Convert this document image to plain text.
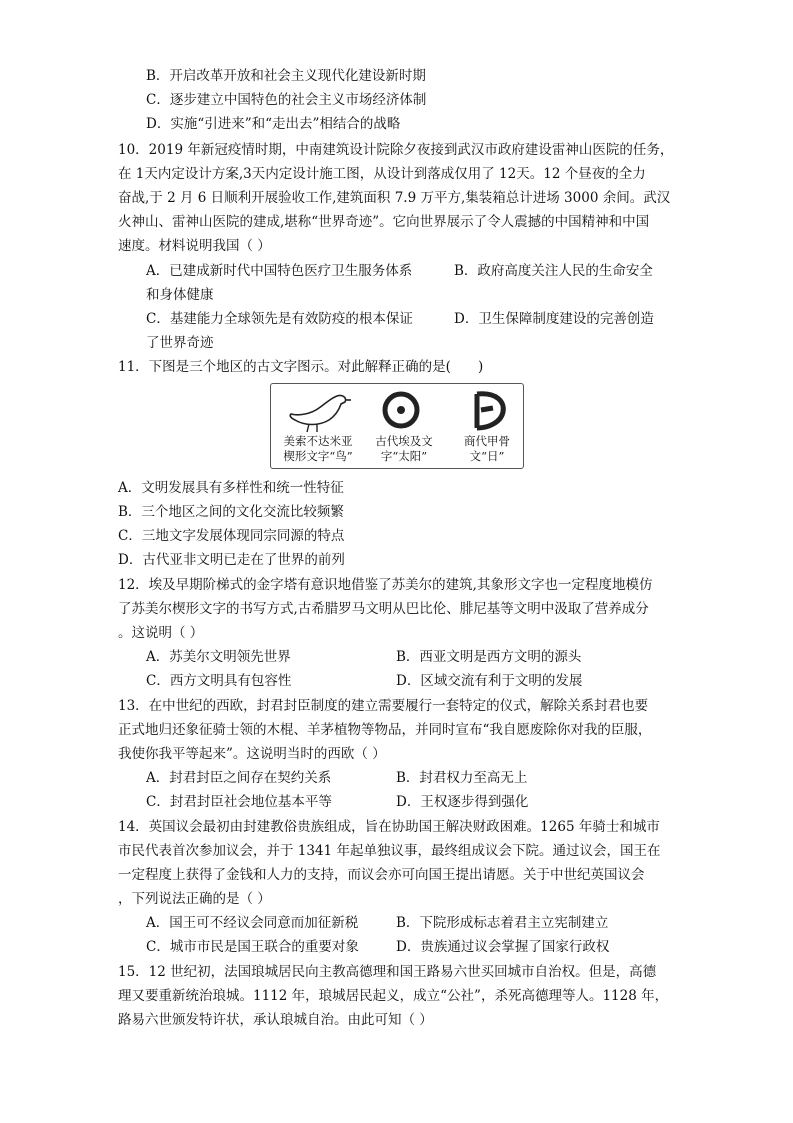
B．开启改革开放和社会主义现代化建设新时期
C．逐步建立中国特色的社会主义市场经济体制
D．实施“引进来”和“走出去”相结合的战略
10．2019 年新冠疫情时期，中南建筑设计院除夕夜接到武汉市政府建设雷神山医院的任务，
在 1天内定设计方案,3天内定设计施工图，从设计到落成仅用了 12天。12 个昼夜的全力
奋战,于 2 月 6 日顺利开展验收工作,建筑面积 7.9 万平方,集装箱总计进场 3000 余间。武汉
火神山、雷神山医院的建成,堪称“世界奇迹”。它向世界展示了令人震撼的中国精神和中国
速度。材料说明我国（ ）
A．已建成新时代中国特色医疗卫生服务体系	B．政府高度关注人民的生命安全
和身体健康
C．基建能力全球领先是有效防疫的根本保证	D．卫生保障制度建设的完善创造
了世界奇迹
11．下图是三个地区的古文字图示。对此解释正确的是(　　)
美索不达米亚
楔形文字“鸟”
古代埃及文
字“太阳”
商代甲骨
文“日”
A．文明发展具有多样性和统一性特征
B．三个地区之间的文化交流比较频繁
C．三地文字发展体现同宗同源的特点
D．古代亚非文明已走在了世界的前列
12．埃及早期阶梯式的金字塔有意识地借鉴了苏美尔的建筑,其象形文字也一定程度地模仿
了苏美尔楔形文字的书写方式,古希腊罗马文明从巴比伦、腓尼基等文明中汲取了营养成分
。这说明（ ）
A．苏美尔文明领先世界	B．西亚文明是西方文明的源头
C．西方文明具有包容性	D．区域交流有利于文明的发展
13．在中世纪的西欧，封君封臣制度的建立需要履行一套特定的仪式，解除关系封君也要
正式地归还象征骑士领的木棍、羊茅植物等物品，并同时宣布“我自愿废除你对我的臣服，
我使你我平等起来”。这说明当时的西欧（ ）
A．封君封臣之间存在契约关系	B．封君权力至高无上
C．封君封臣社会地位基本平等	D．王权逐步得到强化
14．英国议会最初由封建教俗贵族组成，旨在协助国王解决财政困难。1265 年骑士和城市
市民代表首次参加议会，并于 1341 年起单独议事，最终组成议会下院。通过议会，国王在
一定程度上获得了金钱和人力的支持，而议会亦可向国王提出请愿。关于中世纪英国议会
，下列说法正确的是（ ）
A．国王可不经议会同意而加征新税	B．下院形成标志着君主立宪制建立
C．城市市民是国王联合的重要对象	D．贵族通过议会掌握了国家行政权
15．12 世纪初，法国琅城居民向主教高德理和国王路易六世买回城市自治权。但是，高德
理又要重新统治琅城。1112 年，琅城居民起义，成立“公社”，杀死高德理等人。1128 年，
路易六世颁发特许状，承认琅城自治。由此可知（ ）
